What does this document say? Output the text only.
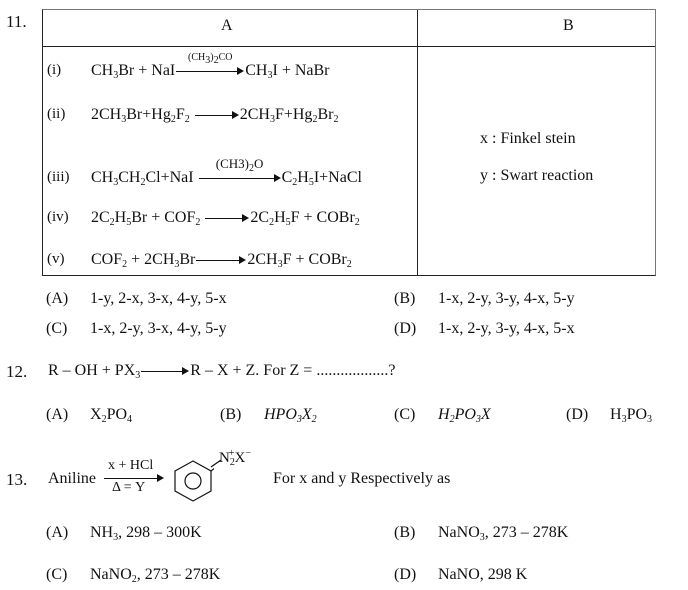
11.	A	B
(i) $CH_3Br$ + NaI
$(CH_3)_2CO$
$CH_3I$ + NaBr
(ii) $2CH_3Br+Hg_2F_2$	$2CH_3F+Hg_2Br_2$
(iii) $CH_3CH_2Cl+NaI$
$(CH3)_2O$
$C_2H_5I+NaCl$
(iv) $2C_2H_5Br + COF_2$	$2C_2H_5F$ + COBr$_2$
(v) $COF_2 + 2CH_3Br$	$2CH_3F$ + COBr$_2$
x : Finkel stein
y : Swart reaction
(A) 1-y, 2-x, 3-x, 4-y, 5-x	(B) 1-x, 2-y, 3-y, 4-x, 5-y
(C) 1-x, 2-y, 3-x, 4-y, 5-y	(D) 1-x, 2-y, 3-y, 4-x, 5-x
12. R – OH + $PX_3$	R – X + Z. For Z = ..................?
(A) $X_2PO_4$	(B) $HPO_3X_2$	(C) $H_2PO_3X$	(D) $H_3PO_3$
13. Aniline
x + HCl
Δ = Y
$N_2^+X^-$
For x and y Respectively as
(A) $NH_3$, 298 – 300K	(B) NaNO$_3$, 273 – 278K
(C) NaNO$_2$, 273 – 278K	(D) NaNO, 298 K
